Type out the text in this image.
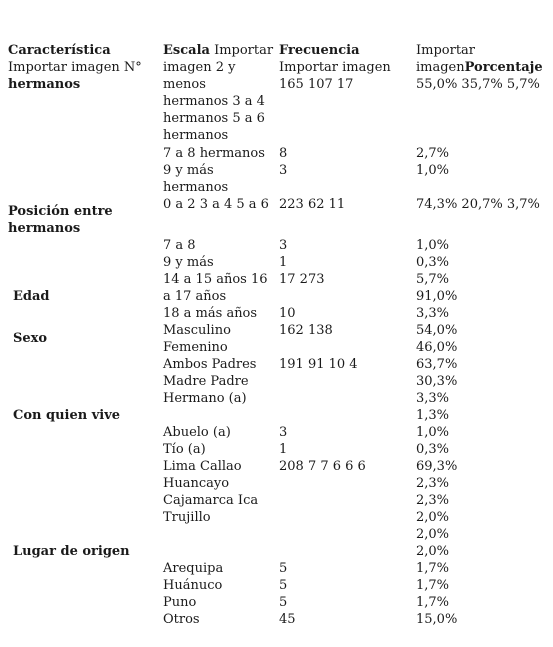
Característica
Importar imagen N°
hermanos
Escala Importar Frecuencia	Importar
imagenPorcentaje
Posición entre
hermanos
Edad
Sexo
Con quien vive
Lugar de origen
imagen 2 y
menos
hermanos 3 a 4
hermanos 5 a 6
hermanos
7 a 8 hermanos
9 y más
hermanos
0 a 2 3 a 4 5 a 6
7 a 8
9 y más
14 a 15 años 16
a 17 años
18 a más años
Masculino
Femenino
Ambos Padres
Madre Padre
Hermano (a)
Abuelo (a)
Tío (a)
Lima Callao
Huancayo
Cajamarca Ica
Trujillo
Arequipa
Huánuco
Puno
Otros
Importar imagen
165 107 17
8
3
223 62 11
3
1
17 273
10
162 138
191 91 10 4
3
1
208 7 7 6 6 6
5
5
5
45
55,0% 35,7% 5,7%
2,7%
1,0%
74,3% 20,7% 3,7%
1,0%
0,3%
5,7%
91,0%
3,3%
54,0%
46,0%
63,7%
30,3%
3,3%
1,3%
1,0%
0,3%
69,3%
2,3%
2,3%
2,0%
2,0%
2,0%
1,7%
1,7%
1,7%
15,0%
